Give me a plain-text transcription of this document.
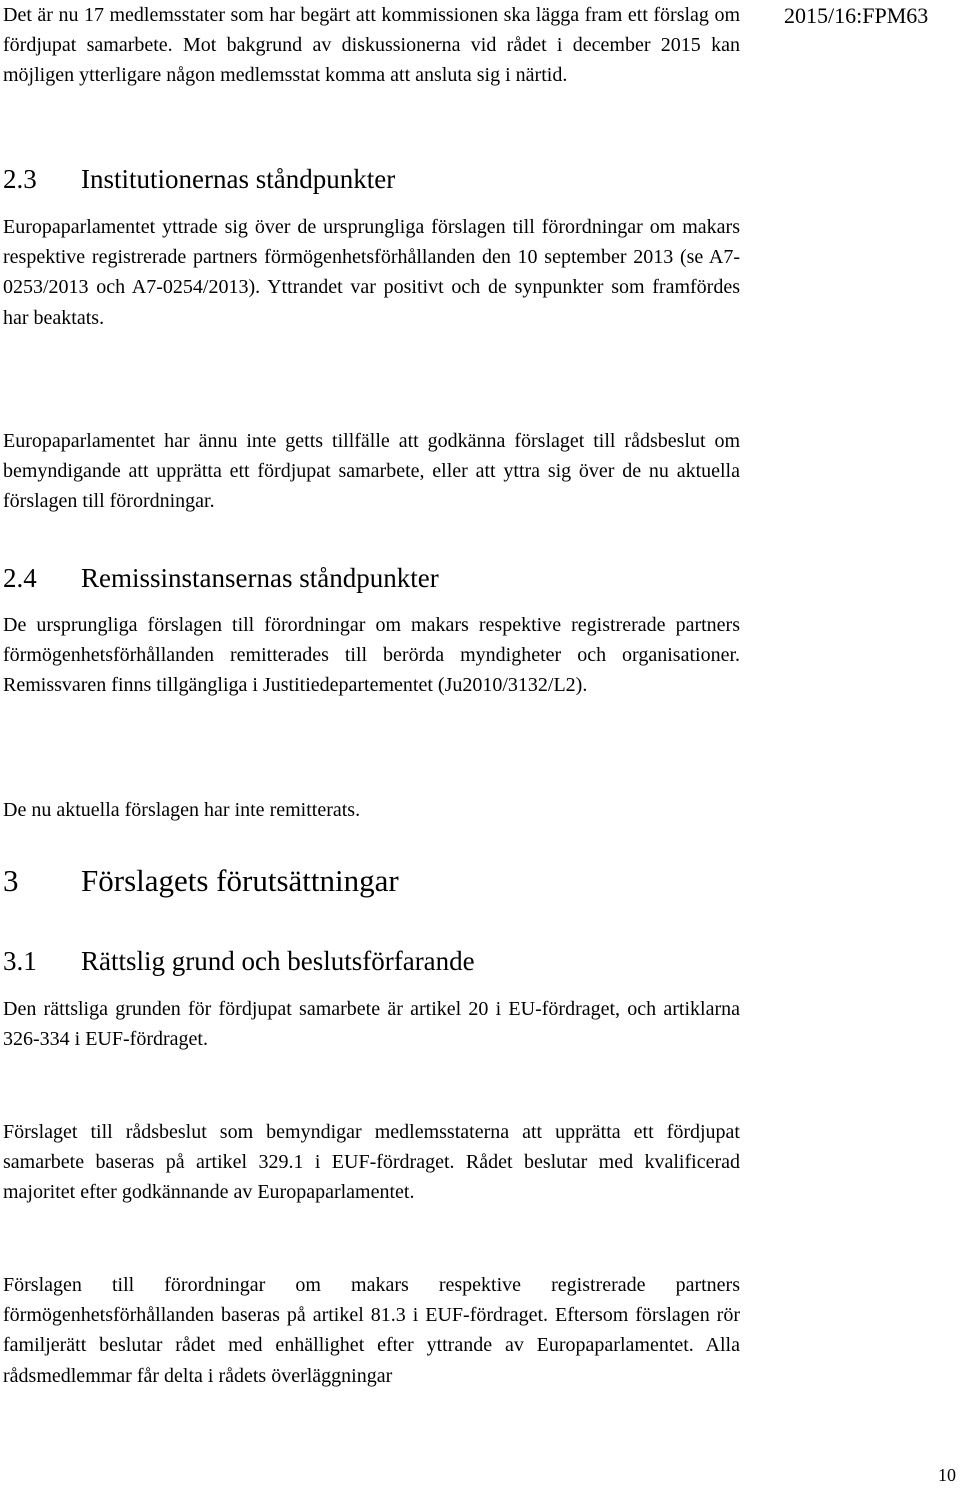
Det är nu 17 medlemsstater som har begärt att kommissionen ska lägga fram ett förslag om fördjupat samarbete. Mot bakgrund av diskussionerna vid rådet i december 2015 kan möjligen ytterligare någon medlemsstat komma att ansluta sig i närtid.

2015/16:FPM63

2.3 Institutionernas ståndpunkter

Europaparlamentet yttrade sig över de ursprungliga förslagen till förordningar om makars respektive registrerade partners förmögenhetsförhållanden den 10 september 2013 (se A7-0253/2013 och A7-0254/2013). Yttrandet var positivt och de synpunkter som framfördes har beaktats.

Europaparlamentet har ännu inte getts tillfälle att godkänna förslaget till rådsbeslut om bemyndigande att upprätta ett fördjupat samarbete, eller att yttra sig över de nu aktuella förslagen till förordningar.

2.4 Remissinstansernas ståndpunkter

De ursprungliga förslagen till förordningar om makars respektive registrerade partners förmögenhetsförhållanden remitterades till berörda myndigheter och organisationer. Remissvaren finns tillgängliga i Justitiedepartementet (Ju2010/3132/L2).

De nu aktuella förslagen har inte remitterats.

3 Förslagets förutsättningar
3.1 Rättslig grund och beslutsförfarande

Den rättsliga grunden för fördjupat samarbete är artikel 20 i EU-fördraget, och artiklarna 326-334 i EUF-fördraget.

Förslaget till rådsbeslut som bemyndigar medlemsstaterna att upprätta ett fördjupat samarbete baseras på artikel 329.1 i EUF-fördraget. Rådet beslutar med kvalificerad majoritet efter godkännande av Europaparlamentet.

Förslagen till förordningar om makars respektive registrerade partners förmögenhetsförhållanden baseras på artikel 81.3 i EUF-fördraget. Eftersom förslagen rör familjerätt beslutar rådet med enhällighet efter yttrande av Europaparlamentet. Alla rådsmedlemmar får delta i rådets överläggningar

10
